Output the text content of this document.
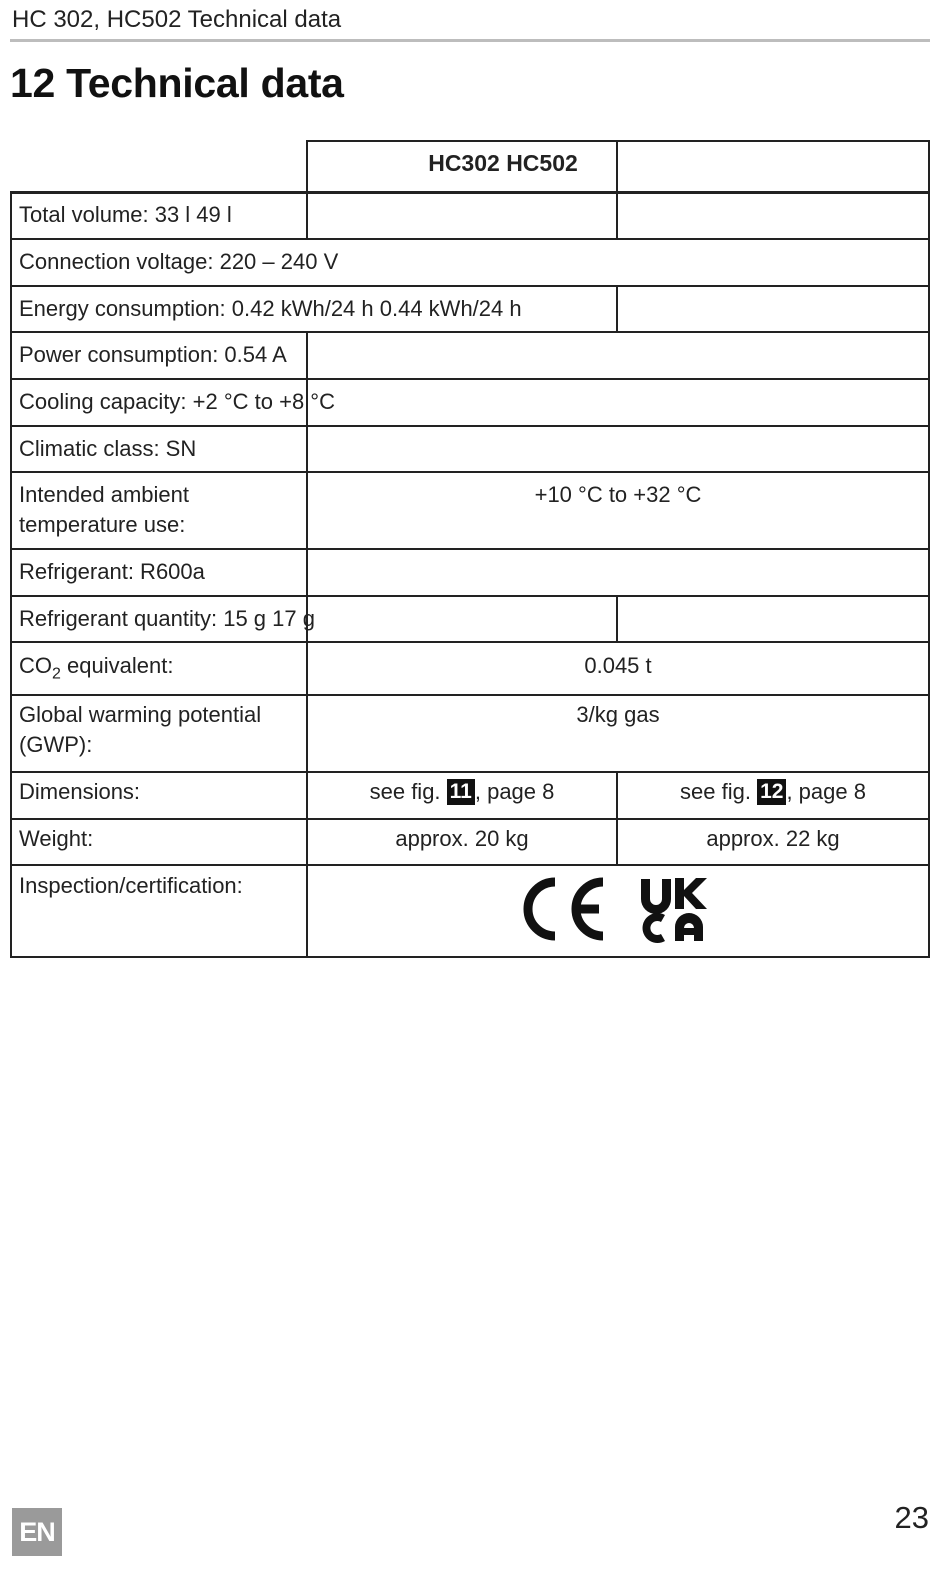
HC 302, HC502 Technical data
12 Technical data
HC302 HC502
Total volume: 33 l 49 l
Connection voltage: 220 – 240 V
Energy consumption: 0.42 kWh/24 h 0.44 kWh/24 h
Power consumption: 0.54 A
Cooling capacity: +2 °C to +8 °C
Climatic class: SN
Intended ambient
temperature use:
+10 °C to +32 °C
Refrigerant: R600a
Refrigerant quantity: 15 g 17 g
$CO_2$ equivalent:	0.045 t
Global warming potential
(GWP):
3/kg gas
Dimensions:	see fig. 11 , page 8	see fig. 12 , page 8
Weight:	approx. 20 kg	approx. 22 kg
Inspection/certification:
EN	23
